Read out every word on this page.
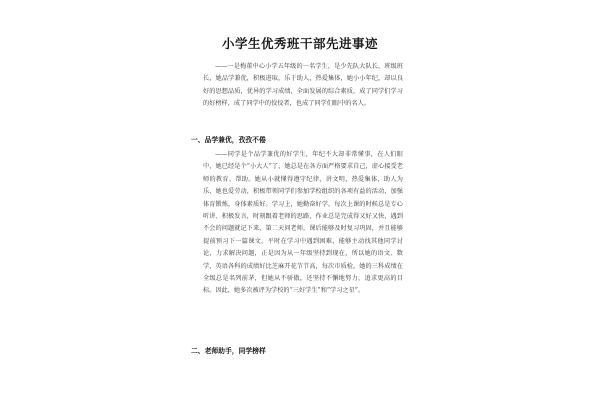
小学生优秀班干部先进事迹
——一是梅董中心小学五年级的一名学生，是少先队大队长，班级班长，她品学兼优，积极进取，乐于助人，热爱集体，她小小年纪，却以良好的思想品质，优异的学习成绩，全面发展的综合素质，成了同学们学习的好榜样，成了同学中的佼佼者，也成了同学们眼中的名人。
一、品学兼优，孜孜不倦
——同学是个品学兼优的好学生，年纪不大却非常懂事，在人们眼中，她已经是个“小大人”了，她总是在各方面严格要求自己，虚心接受老师的教育、帮助。她从小就懂得遵守纪律，讲文明，热爱集体，助人为乐，她也爱劳动，积极带领同学们参加学校组织的各项有益的活动，加强体育锻炼，身体素质好。学习上，她勤奋好学，每次上课的时候总是专心听讲、积极发言，时刻跟着老师的思路，作业总是完成得又好又快，遇到不会的问题就记下来，第二天问老师，课后能够及时复习巩固，并且能够提前预习下一篇课文。平时在学习中遇到困难，能够主动找其他同学讨论，力求解决问题，正是因为从一年级坚持到现在，所以她的语文、数学、英语各科的成绩好比芝麻开花节节高，每次市质检，她的三科成绩在全级总是名列前茅，但她从不骄傲，还坚持不懈地努力，追求更高的目标。因此，她多次被评为学校的“三好学生”和“学习之星”。
二、老师助手，同学榜样
